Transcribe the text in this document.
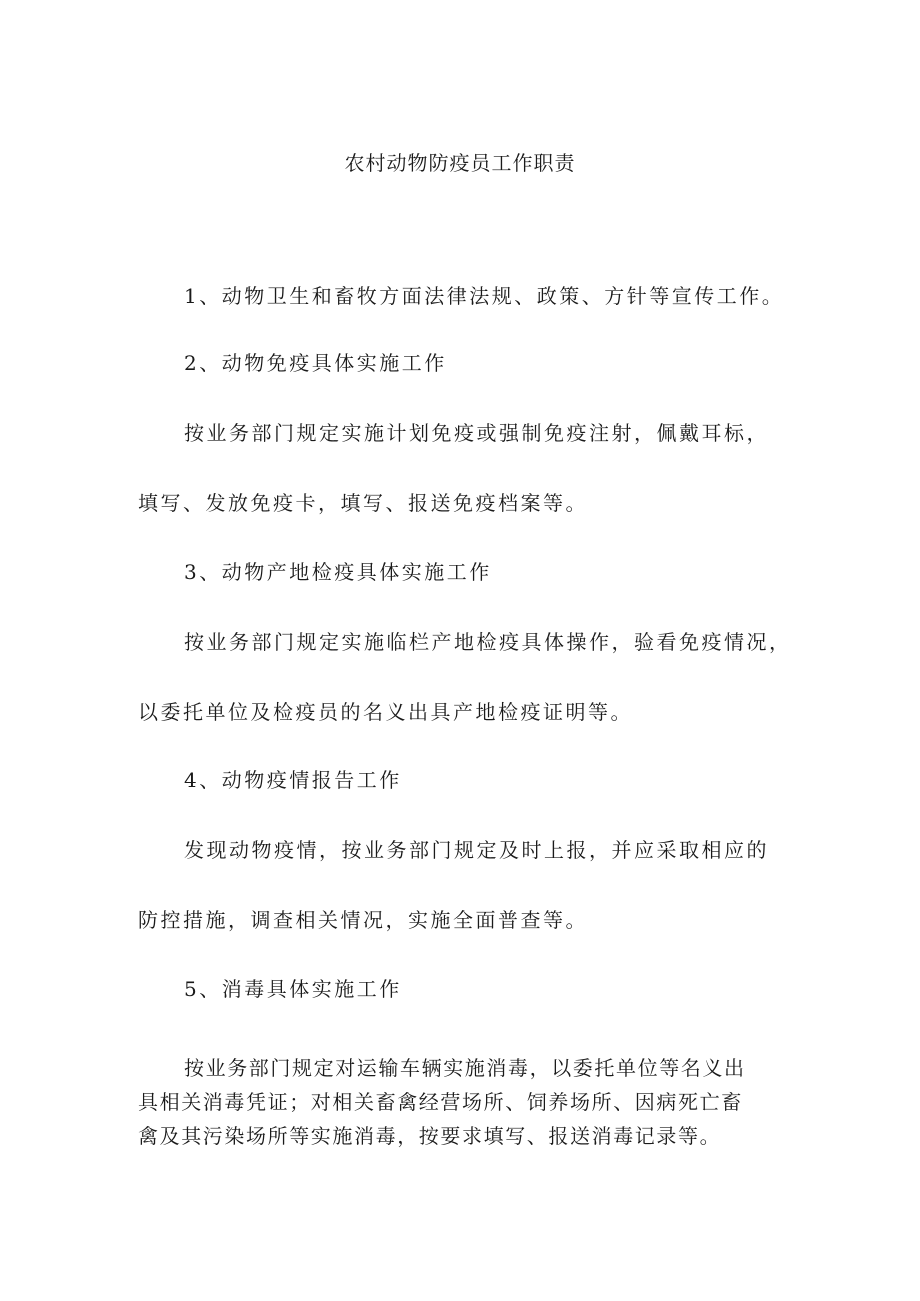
农村动物防疫员工作职责
1、动物卫生和畜牧方面法律法规、政策、方针等宣传工作。
2、动物免疫具体实施工作
按业务部门规定实施计划免疫或强制免疫注射，佩戴耳标，
填写、发放免疫卡，填写、报送免疫档案等。
3、动物产地检疫具体实施工作
按业务部门规定实施临栏产地检疫具体操作，验看免疫情况，
以委托单位及检疫员的名义出具产地检疫证明等。
4、动物疫情报告工作
发现动物疫情，按业务部门规定及时上报，并应采取相应的
防控措施，调查相关情况，实施全面普查等。
5、消毒具体实施工作
按业务部门规定对运输车辆实施消毒，以委托单位等名义出
具相关消毒凭证；对相关畜禽经营场所、饲养场所、因病死亡畜
禽及其污染场所等实施消毒，按要求填写、报送消毒记录等。
